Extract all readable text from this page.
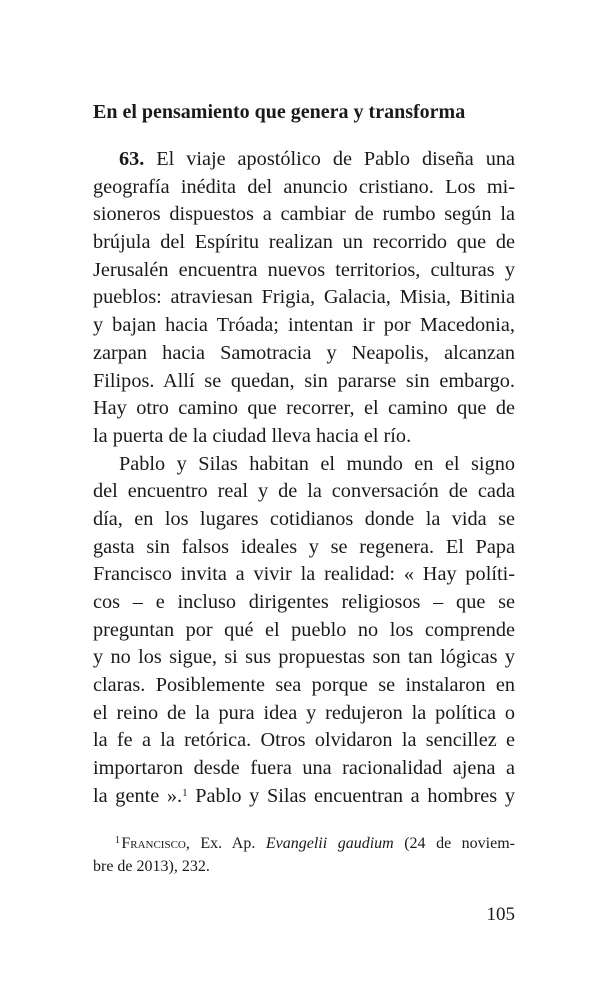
En el pensamiento que genera y transforma
63. El viaje apostólico de Pablo diseña una
geografía inédita del anuncio cristiano. Los mi-
sioneros dispuestos a cambiar de rumbo según la
brújula del Espíritu realizan un recorrido que de
Jerusalén encuentra nuevos territorios, culturas y
pueblos: atraviesan Frigia, Galacia, Misia, Bitinia
y bajan hacia Tróada; intentan ir por Macedonia,
zarpan hacia Samotracia y Neapolis, alcanzan
Filipos. Allí se quedan, sin pararse sin embargo.
Hay otro camino que recorrer, el camino que de
la puerta de la ciudad lleva hacia el río.
Pablo y Silas habitan el mundo en el signo
del encuentro real y de la conversación de cada
día, en los lugares cotidianos donde la vida se
gasta sin falsos ideales y se regenera. El Papa
Francisco invita a vivir la realidad: « Hay políti-
cos – e incluso dirigentes religiosos – que se
preguntan por qué el pueblo no los comprende
y no los sigue, si sus propuestas son tan lógicas y
claras. Posiblemente sea porque se instalaron en
el reino de la pura idea y redujeron la política o
la fe a la retórica. Otros olvidaron la sencillez e
importaron desde fuera una racionalidad ajena a
la gente ».$^1$ Pablo y Silas encuentran a hombres y
$^1$ Francisco, Ex. Ap. Evangelii gaudium (24 de noviem-
bre de 2013), 232.
105
